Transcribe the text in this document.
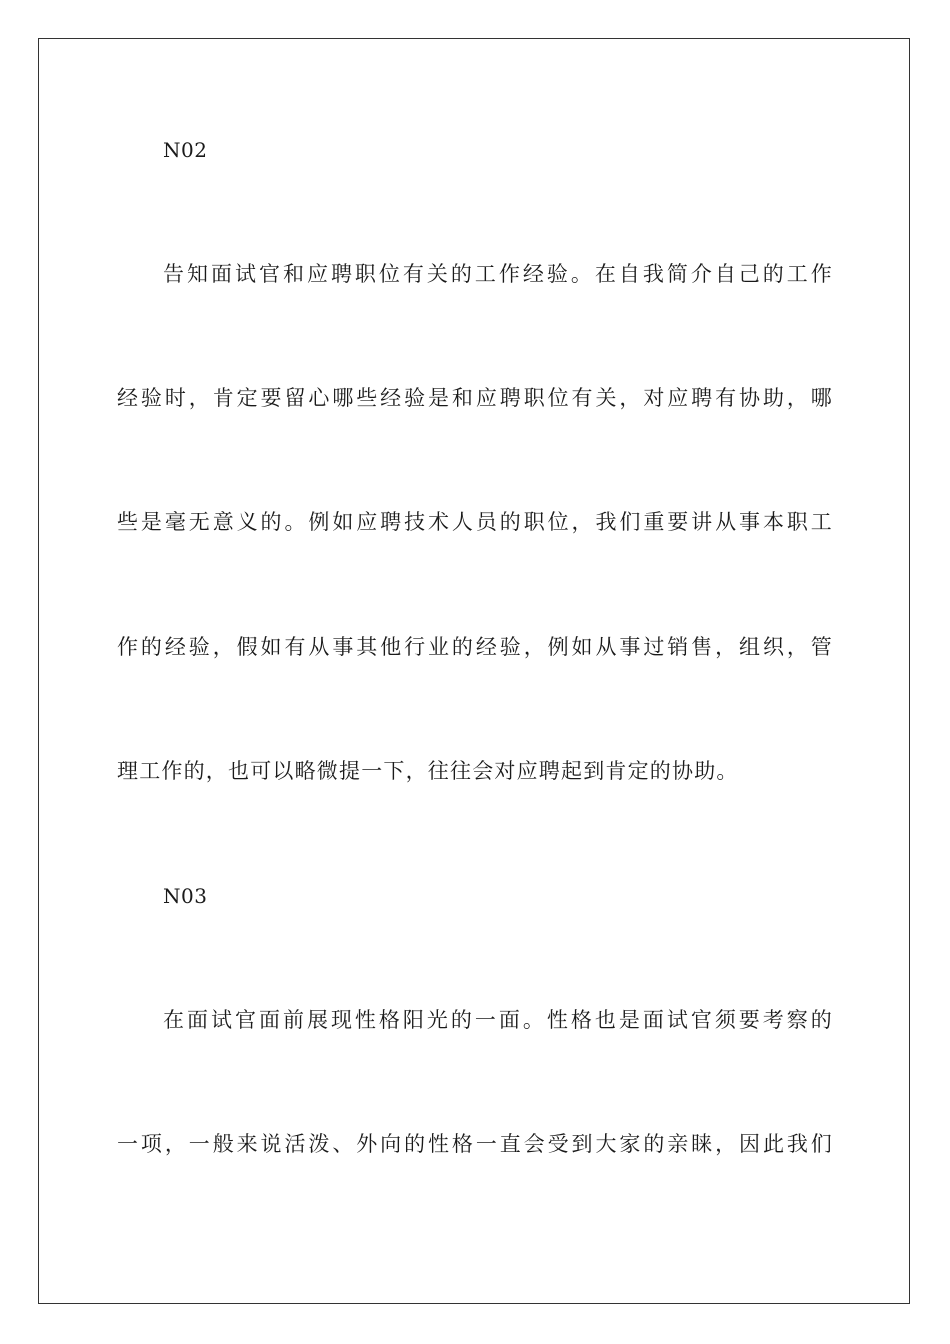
N02
告知面试官和应聘职位有关的工作经验。在自我简介自己的工作
经验时，肯定要留心哪些经验是和应聘职位有关，对应聘有协助，哪
些是毫无意义的。例如应聘技术人员的职位，我们重要讲从事本职工
作的经验，假如有从事其他行业的经验，例如从事过销售，组织，管
理工作的，也可以略微提一下，往往会对应聘起到肯定的协助。
N03
在面试官面前展现性格阳光的一面。性格也是面试官须要考察的
一项，一般来说活泼、外向的性格一直会受到大家的亲睐，因此我们
